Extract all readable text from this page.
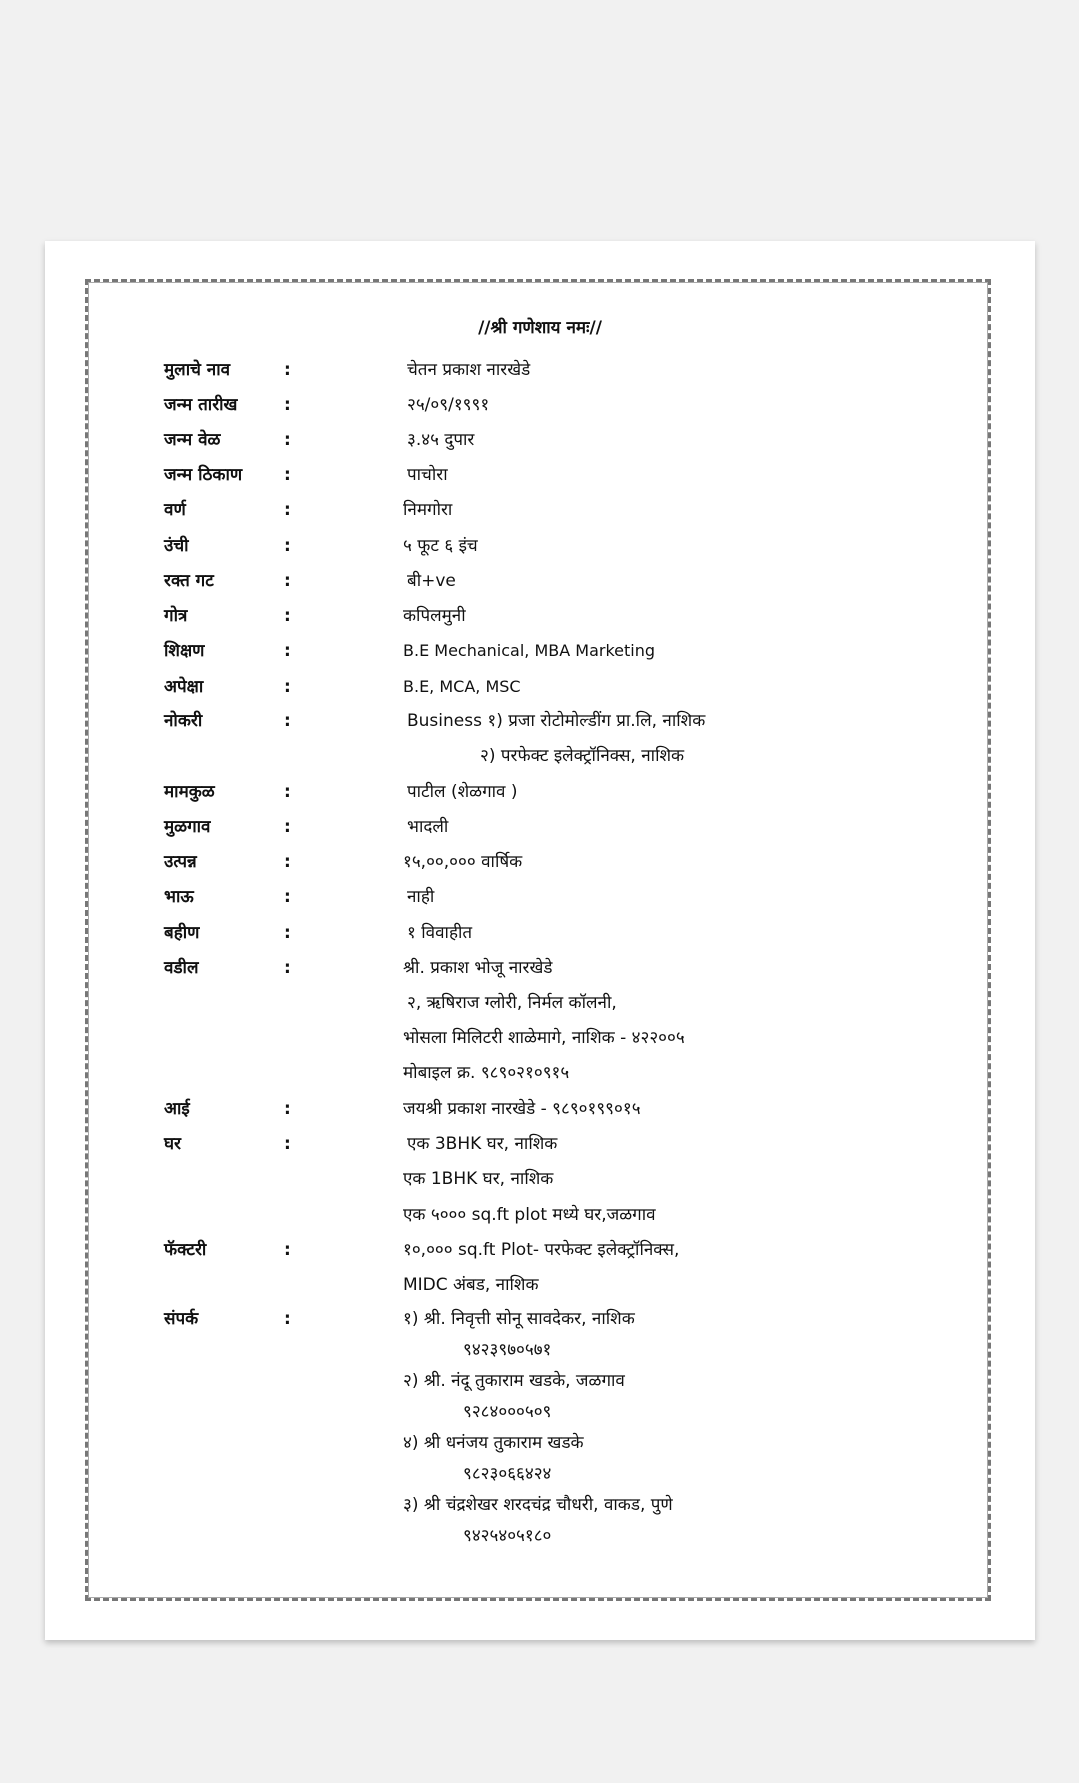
//श्री गणेशाय नमः//
मुलाचे नाव	:	चेतन प्रकाश नारखेडे
जन्म तारीख	:	२५/०९/१९९१
जन्म वेळ	:	३.४५ दुपार
जन्म ठिकाण :	पाचोरा
वर्ण	:	निमगोरा
उंची	:	५ फूट ६ इंच
रक्त गट	:	बी+ve
गोत्र	:	कपिलमुनी
शिक्षण	:	B.E Mechanical, MBA Marketing
अपेक्षा	:	B.E, MCA, MSC
नोकरी	:	Business १) प्रजा रोटोमोल्डींग प्रा.लि, नाशिक
२) परफेक्ट इलेक्ट्रॉनिक्स, नाशिक
मामकुळ	:	पाटील (शेळगाव )
मुळगाव	:	भादली
उत्पन्न	:	१५,००,००० वार्षिक
भाऊ	:	नाही
बहीण	:	१ विवाहीत
वडील	:	श्री. प्रकाश भोजू नारखेडे
२, ऋषिराज ग्लोरी, निर्मल कॉलनी,
भोसला मिलिटरी शाळेमागे, नाशिक - ४२२००५
मोबाइल क्र. ९८९०२१०९१५
आई	:	जयश्री प्रकाश नारखेडे - ९८९०१९९०१५
घर	:	एक 3BHK घर, नाशिक
एक 1BHK घर, नाशिक
एक ५००० sq.ft plot मध्ये घर,जळगाव
फॅक्टरी	:	१०,००० sq.ft Plot- परफेक्ट इलेक्ट्रॉनिक्स,
MIDC अंबड, नाशिक
संपर्क	:	१) श्री. निवृत्ती सोनू सावदेकर, नाशिक
९४२३९७०५७१
२) श्री. नंदू तुकाराम खडके, जळगाव
९२८४०००५०९
४) श्री धनंजय तुकाराम खडके
९८२३०६६४२४
३) श्री चंद्रशेखर शरदचंद्र चौधरी, वाकड, पुणे
९४२५४०५१८०
